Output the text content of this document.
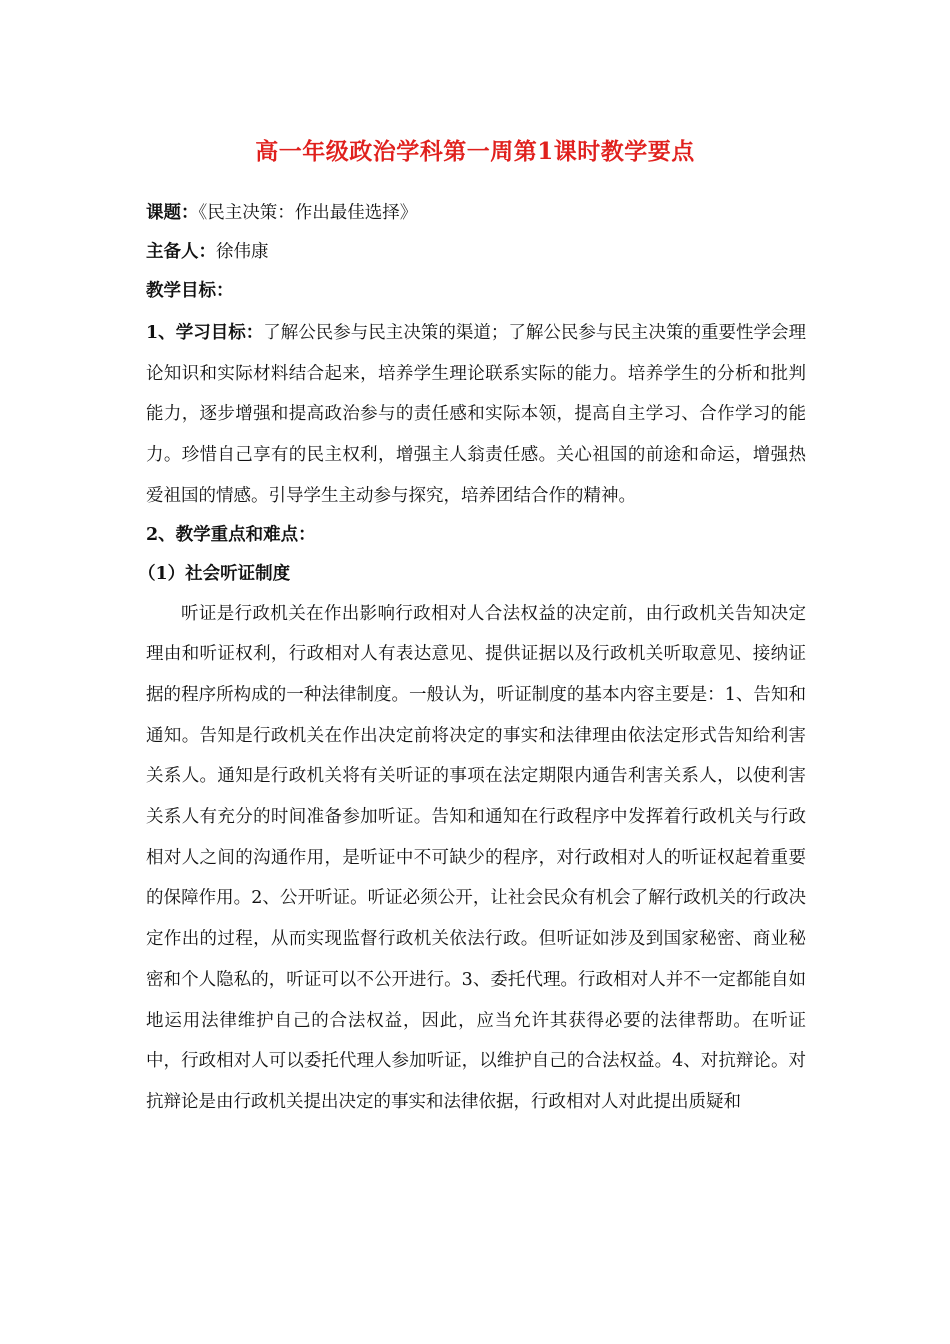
高一年级政治学科第一周第1课时教学要点
课题：《民主决策：作出最佳选择》
主备人：徐伟康
教学目标：
1、学习目标：了解公民参与民主决策的渠道；了解公民参与民主决策的重要性学会理论知识和实际材料结合起来，培养学生理论联系实际的能力。培养学生的分析和批判能力，逐步增强和提高政治参与的责任感和实际本领，提高自主学习、合作学习的能力。珍惜自己享有的民主权利，增强主人翁责任感。关心祖国的前途和命运，增强热爱祖国的情感。引导学生主动参与探究，培养团结合作的精神。
2、教学重点和难点：
（1）社会听证制度
听证是行政机关在作出影响行政相对人合法权益的决定前，由行政机关告知决定理由和听证权利，行政相对人有表达意见、提供证据以及行政机关听取意见、接纳证据的程序所构成的一种法律制度。一般认为，听证制度的基本内容主要是：1、告知和通知。告知是行政机关在作出决定前将决定的事实和法律理由依法定形式告知给利害关系人。通知是行政机关将有关听证的事项在法定期限内通告利害关系人，以使利害关系人有充分的时间准备参加听证。告知和通知在行政程序中发挥着行政机关与行政相对人之间的沟通作用，是听证中不可缺少的程序，对行政相对人的听证权起着重要的保障作用。2、公开听证。听证必须公开，让社会民众有机会了解行政机关的行政决定作出的过程，从而实现监督行政机关依法行政。但听证如涉及到国家秘密、商业秘密和个人隐私的，听证可以不公开进行。3、委托代理。行政相对人并不一定都能自如地运用法律维护自己的合法权益，因此，应当允许其获得必要的法律帮助。在听证中，行政相对人可以委托代理人参加听证，以维护自己的合法权益。4、对抗辩论。对抗辩论是由行政机关提出决定的事实和法律依据，行政相对人对此提出质疑和
